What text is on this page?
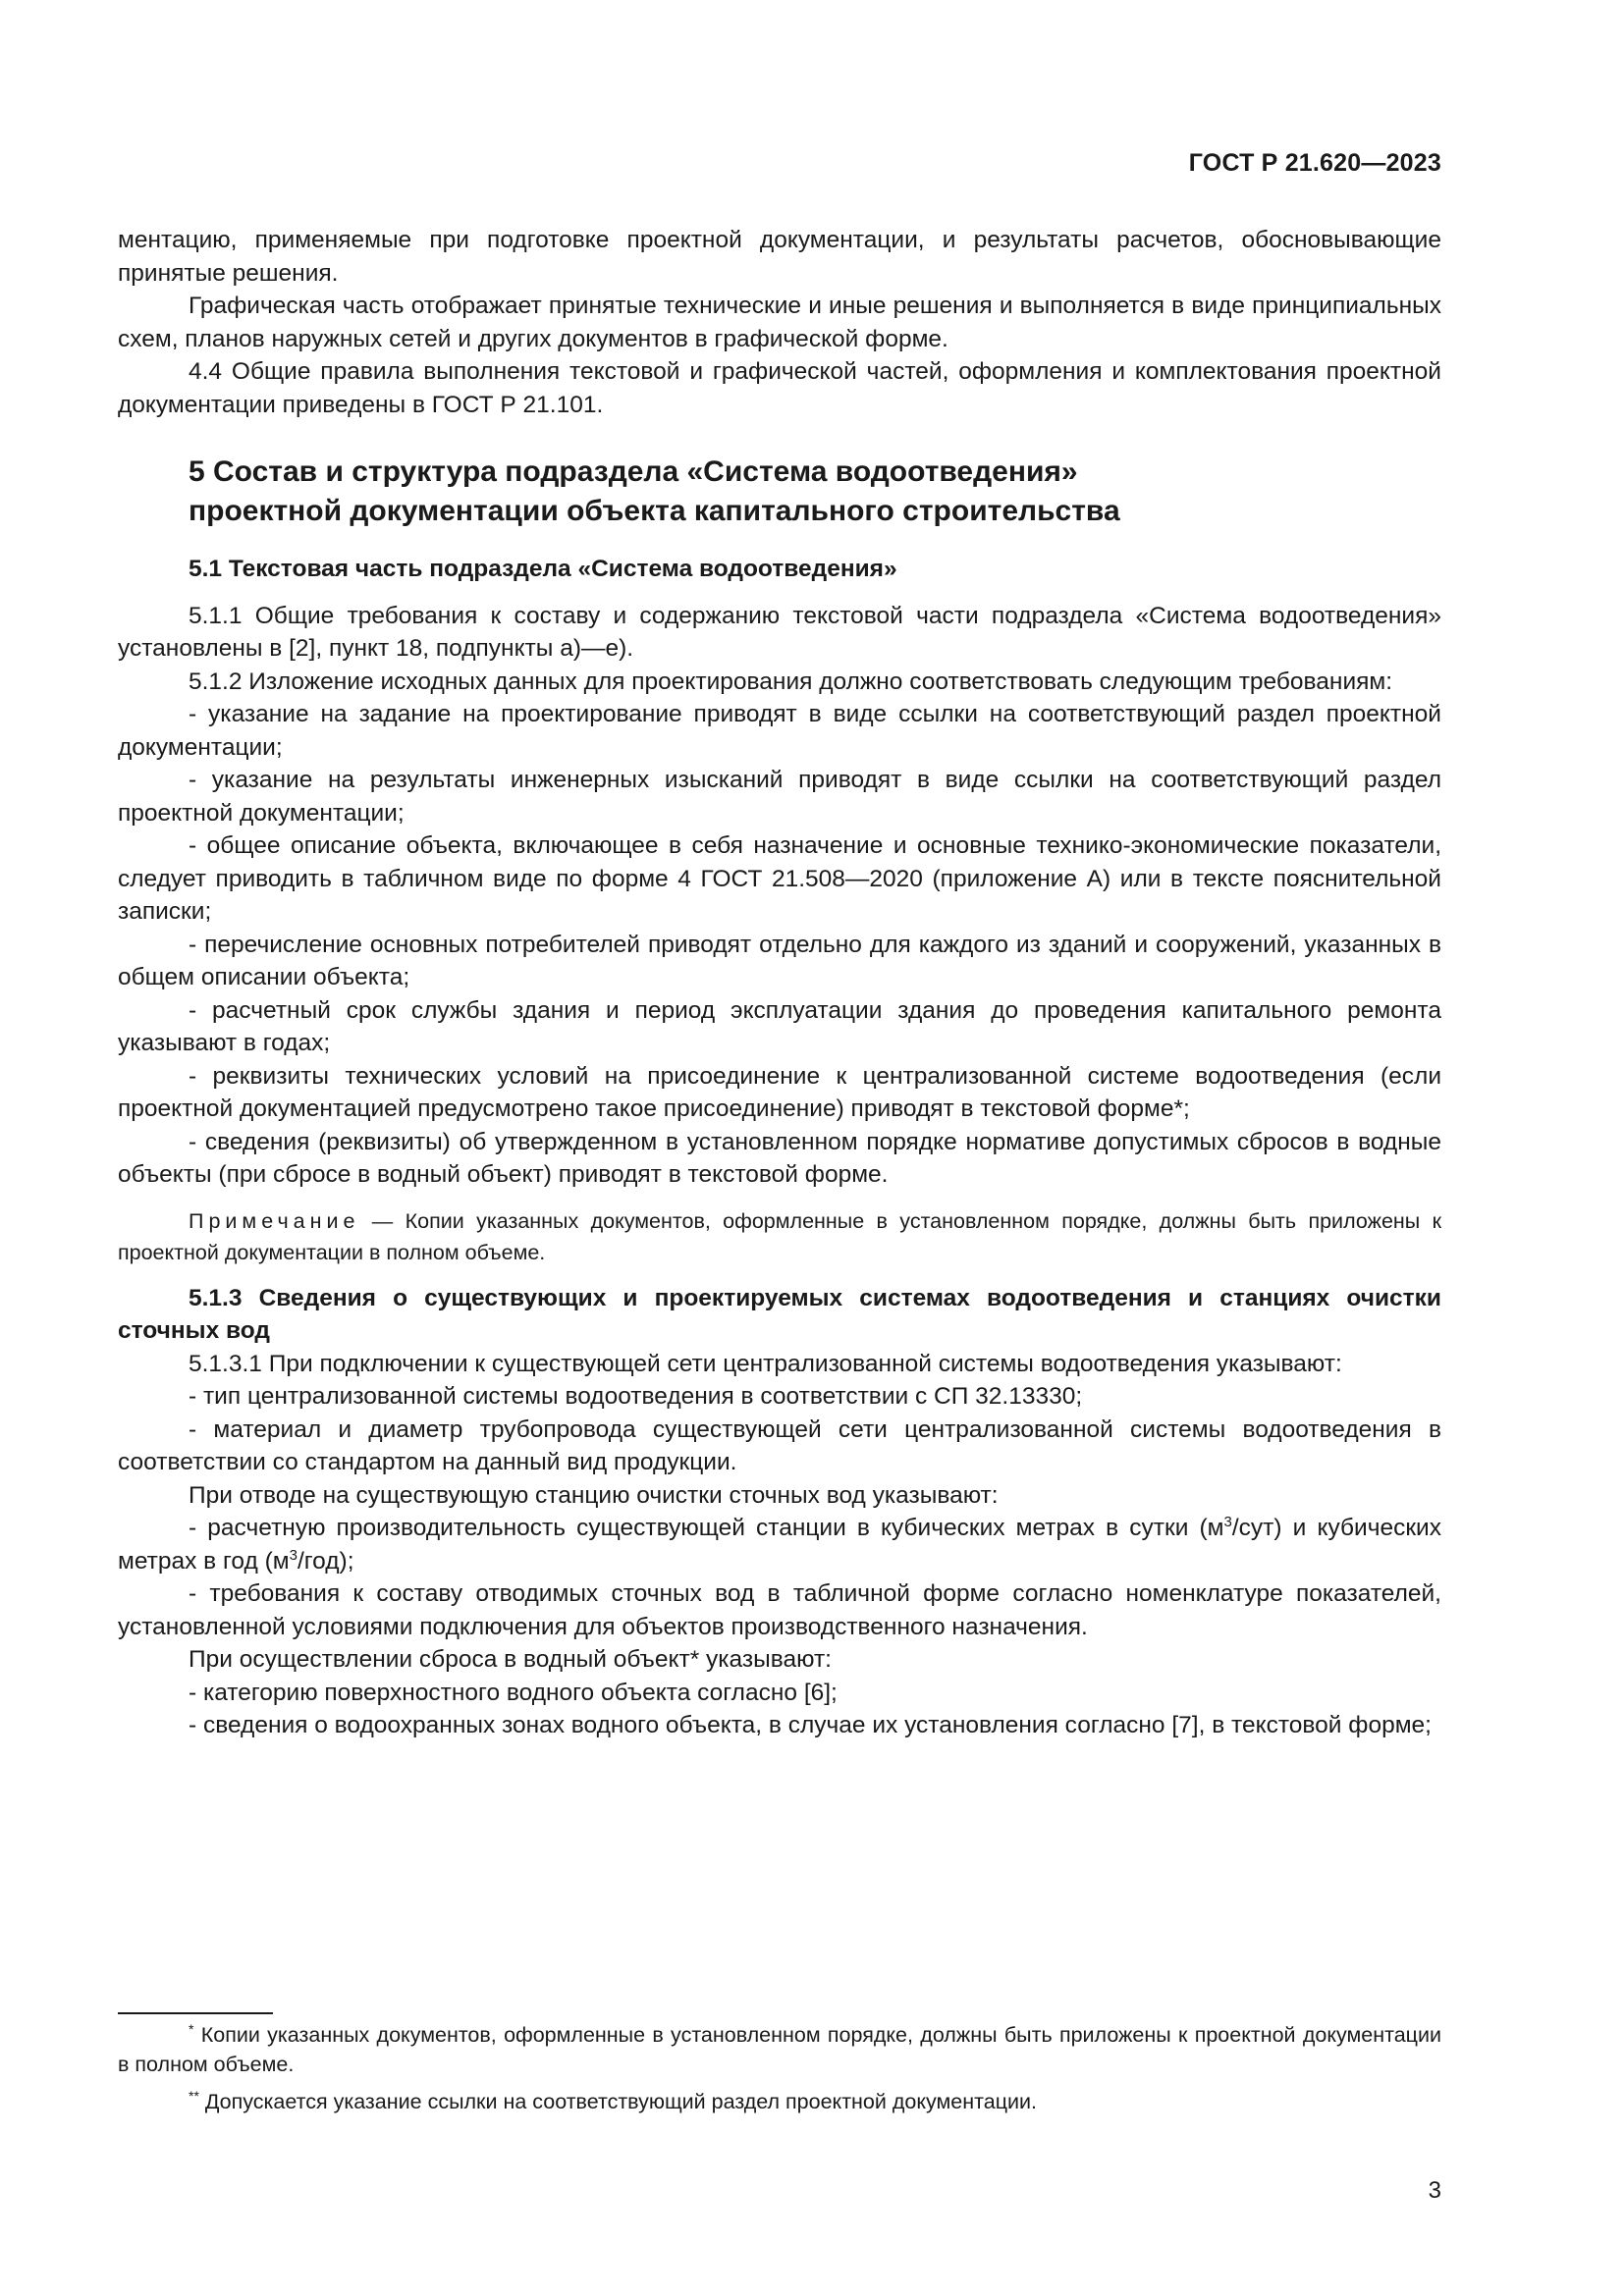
ГОСТ Р 21.620—2023

ментацию, применяемые при подготовке проектной документации, и результаты расчетов, обосновывающие принятые решения.

Графическая часть отображает принятые технические и иные решения и выполняется в виде принципиальных схем, планов наружных сетей и других документов в графической форме.

4.4 Общие правила выполнения текстовой и графической частей, оформления и комплектования проектной документации приведены в ГОСТ Р 21.101.

5 Состав и структура подраздела «Система водоотведения»
проектной документации объекта капитального строительства

5.1 Текстовая часть подраздела «Система водоотведения»

5.1.1 Общие требования к составу и содержанию текстовой части подраздела «Система водоотведения» установлены в [2], пункт 18, подпункты а)—е).

5.1.2 Изложение исходных данных для проектирования должно соответствовать следующим требованиям:

- указание на задание на проектирование приводят в виде ссылки на соответствующий раздел проектной документации;

- указание на результаты инженерных изысканий приводят в виде ссылки на соответствующий раздел проектной документации;

- общее описание объекта, включающее в себя назначение и основные технико-экономические показатели, следует приводить в табличном виде по форме 4 ГОСТ 21.508—2020 (приложение А) или в тексте пояснительной записки;

- перечисление основных потребителей приводят отдельно для каждого из зданий и сооружений, указанных в общем описании объекта;

- расчетный срок службы здания и период эксплуатации здания до проведения капитального ремонта указывают в годах;

- реквизиты технических условий на присоединение к централизованной системе водоотведения (если проектной документацией предусмотрено такое присоединение) приводят в текстовой форме*;

- сведения (реквизиты) об утвержденном в установленном порядке нормативе допустимых сбросов в водные объекты (при сбросе в водный объект) приводят в текстовой форме.

Примечание — Копии указанных документов, оформленные в установленном порядке, должны быть приложены к проектной документации в полном объеме.

5.1.3 Сведения о существующих и проектируемых системах водоотведения и станциях очистки сточных вод

5.1.3.1 При подключении к существующей сети централизованной системы водоотведения указывают:

- тип централизованной системы водоотведения в соответствии с СП 32.13330;

- материал и диаметр трубопровода существующей сети централизованной системы водоотведения в соответствии со стандартом на данный вид продукции.

При отводе на существующую станцию очистки сточных вод указывают:

- расчетную производительность существующей станции в кубических метрах в сутки $(м^3/сут)$ и кубических метрах в год $(м^3/год)$;

- требования к составу отводимых сточных вод в табличной форме согласно номенклатуре показателей, установленной условиями подключения для объектов производственного назначения.

При осуществлении сброса в водный объект* указывают:

- категорию поверхностного водного объекта согласно [6];

- сведения о водоохранных зонах водного объекта, в случае их установления согласно [7], в текстовой форме;

* Копии указанных документов, оформленные в установленном порядке, должны быть приложены к проектной документации в полном объеме.

** Допускается указание ссылки на соответствующий раздел проектной документации.

3
